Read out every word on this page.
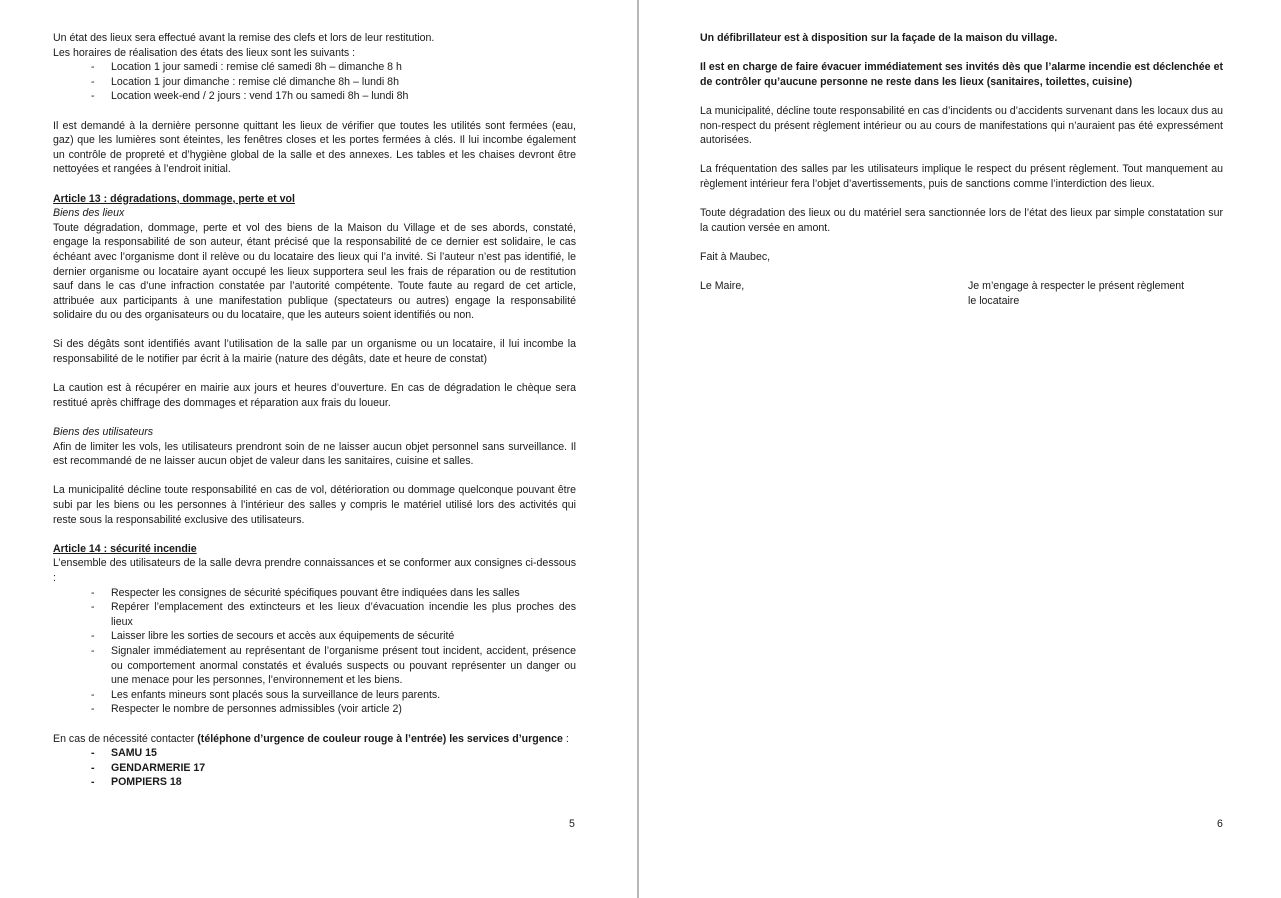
Un état des lieux sera effectué avant la remise des clefs et lors de leur restitution.

Les horaires de réalisation des états des lieux sont les suivants :

- Location 1 jour samedi : remise clé samedi 8h – dimanche 8 h
- Location 1 jour dimanche : remise clé dimanche 8h – lundi 8h
- Location week-end / 2 jours : vend 17h ou samedi 8h – lundi 8h

Il est demandé à la dernière personne quittant les lieux de vérifier que toutes les utilités sont fermées (eau, gaz) que les lumières sont éteintes, les fenêtres closes et les portes fermées à clés. Il lui incombe également un contrôle de propreté et d’hygiène global de la salle et des annexes. Les tables et les chaises devront être nettoyées et rangées à l’endroit initial.

Article 13 : dégradations, dommage, perte et vol

Biens des lieux

Toute dégradation, dommage, perte et vol des biens de la Maison du Village et de ses abords, constaté, engage la responsabilité de son auteur, étant précisé que la responsabilité de ce dernier est solidaire, le cas échéant avec l’organisme dont il relève ou du locataire des lieux qui l’a invité. Si l’auteur n’est pas identifié, le dernier organisme ou locataire ayant occupé les lieux supportera seul les frais de réparation ou de restitution sauf dans le cas d’une infraction constatée par l’autorité compétente. Toute faute au regard de cet article, attribuée aux participants à une manifestation publique (spectateurs ou autres) engage la responsabilité solidaire du ou des organisateurs ou du locataire, que les auteurs soient identifiés ou non.

Si des dégâts sont identifiés avant l’utilisation de la salle par un organisme ou un locataire, il lui incombe la responsabilité de le notifier par écrit à la mairie (nature des dégâts, date et heure de constat)

La caution est à récupérer en mairie aux jours et heures d’ouverture. En cas de dégradation le chèque sera restitué après chiffrage des dommages et réparation aux frais du loueur.

Biens des utilisateurs

Afin de limiter les vols, les utilisateurs prendront soin de ne laisser aucun objet personnel sans surveillance. Il est recommandé de ne laisser aucun objet de valeur dans les sanitaires, cuisine et salles.

La municipalité décline toute responsabilité en cas de vol, détérioration ou dommage quelconque pouvant être subi par les biens ou les personnes à l’intérieur des salles y compris le matériel utilisé lors des activités qui reste sous la responsabilité exclusive des utilisateurs.

Article 14 : sécurité incendie

L’ensemble des utilisateurs de la salle devra prendre connaissances et se conformer aux consignes ci-dessous :

- Respecter les consignes de sécurité spécifiques pouvant être indiquées dans les salles
- Repérer l’emplacement des extincteurs et les lieux d’évacuation incendie les plus proches des lieux
- Laisser libre les sorties de secours et accès aux équipements de sécurité
- Signaler immédiatement au représentant de l’organisme présent tout incident, accident, présence ou comportement anormal constatés et évalués suspects ou pouvant représenter un danger ou une menace pour les personnes, l’environnement et les biens.
- Les enfants mineurs sont placés sous la surveillance de leurs parents.
- Respecter le nombre de personnes admissibles (voir article 2)

En cas de nécessité contacter (téléphone d’urgence de couleur rouge à l’entrée) les services d’urgence :

- SAMU 15
- GENDARMERIE 17
- POMPIERS 18
5

Un défibrillateur est à disposition sur la façade de la maison du village.

Il est en charge de faire évacuer immédiatement ses invités dès que l’alarme incendie est déclenchée et de contrôler qu’aucune personne ne reste dans les lieux (sanitaires, toilettes, cuisine)

La municipalité, décline toute responsabilité en cas d’incidents ou d’accidents survenant dans les locaux dus au non-respect du présent règlement intérieur ou au cours de manifestations qui n’auraient pas été expressément autorisées.

La fréquentation des salles par les utilisateurs implique le respect du présent règlement. Tout manquement au règlement intérieur fera l’objet d’avertissements, puis de sanctions comme l’interdiction des lieux.

Toute dégradation des lieux ou du matériel sera sanctionnée lors de l’état des lieux par simple constatation sur la caution versée en amont.

Fait à Maubec,

Le Maire,	Je m’engage à respecter le présent règlement
le locataire
6
